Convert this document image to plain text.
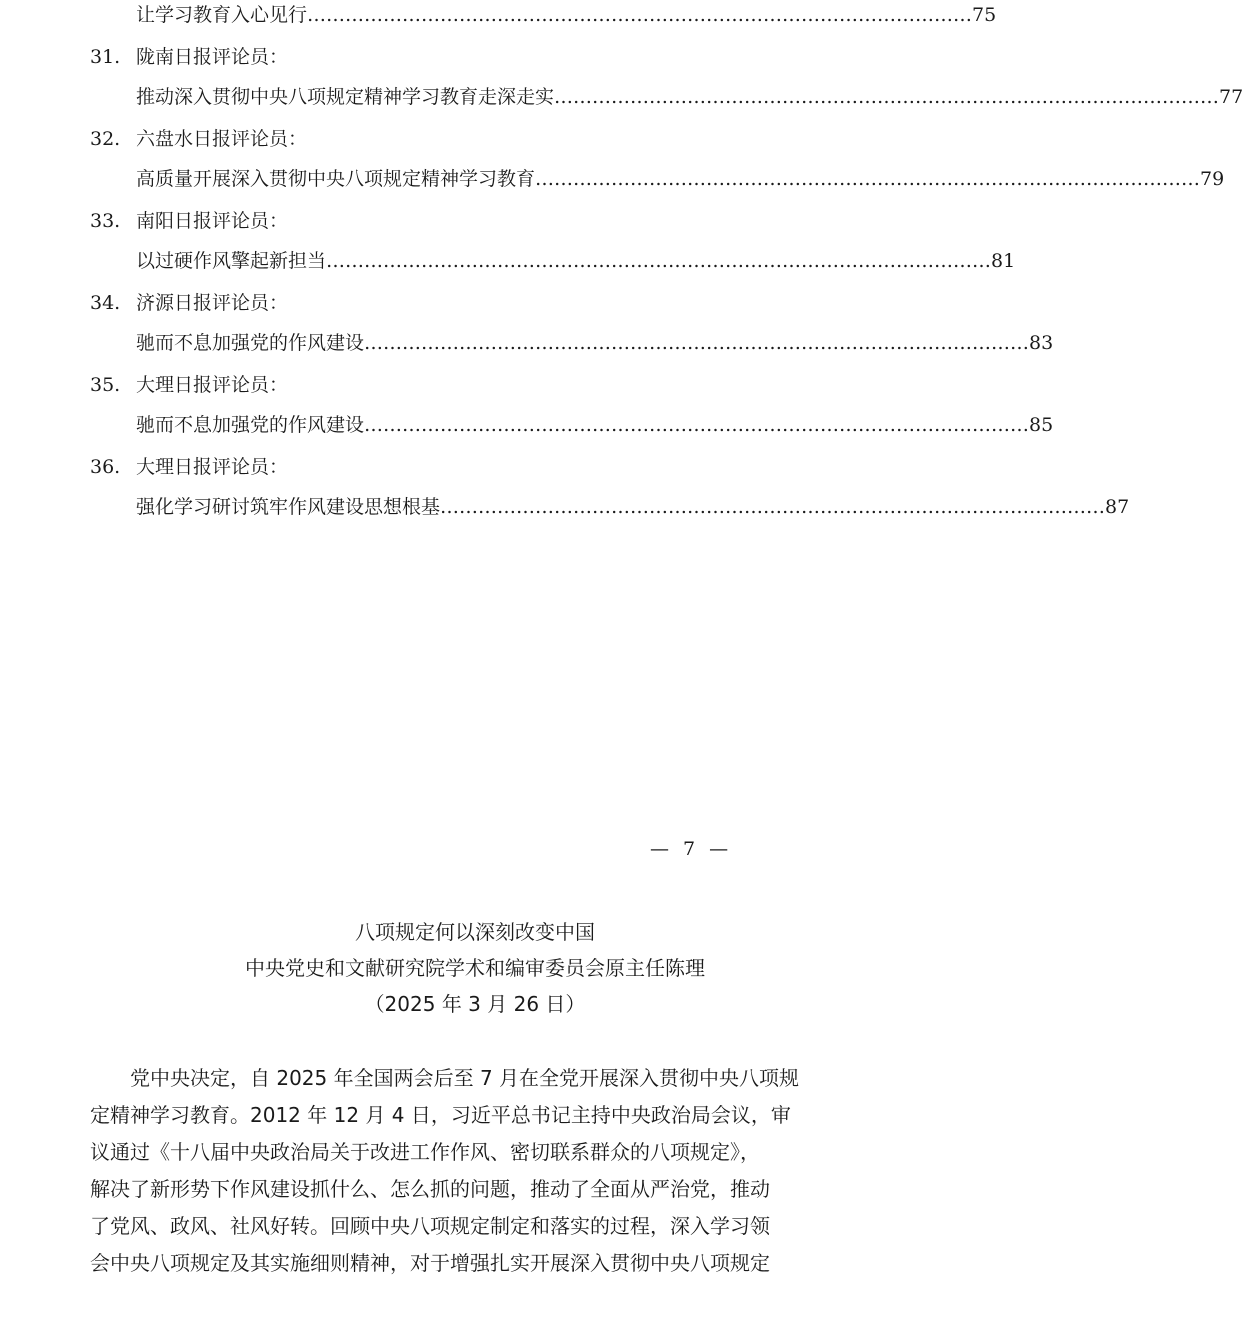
让学习教育入心见行 …………………………………………………………………………………………… 75
31. 陇南日报评论员：
推动深入贯彻中央八项规定精神学习教育走深走实 …………………………………………………………………………………………… 77
32. 六盘水日报评论员：
高质量开展深入贯彻中央八项规定精神学习教育 …………………………………………………………………………………………… 79
33. 南阳日报评论员：
以过硬作风擎起新担当 …………………………………………………………………………………………… 81
34. 济源日报评论员：
驰而不息加强党的作风建设 …………………………………………………………………………………………… 83
35. 大理日报评论员：
驰而不息加强党的作风建设 …………………………………………………………………………………………… 85
36. 大理日报评论员：
强化学习研讨筑牢作风建设思想根基 …………………………………………………………………………………………… 87
— 7 —
八项规定何以深刻改变中国
中央党史和文献研究院学术和编审委员会原主任陈理
（2025 年 3 月 26 日）
　　党中央决定，自 2025 年全国两会后至 7 月在全党开展深入贯彻中央八项规
定精神学习教育。2012 年 12 月 4 日，习近平总书记主持中央政治局会议，审
议通过《十八届中央政治局关于改进工作作风、密切联系群众的八项规定》，
解决了新形势下作风建设抓什么、怎么抓的问题，推动了全面从严治党，推动
了党风、政风、社风好转。回顾中央八项规定制定和落实的过程，深入学习领
会中央八项规定及其实施细则精神，对于增强扎实开展深入贯彻中央八项规定
